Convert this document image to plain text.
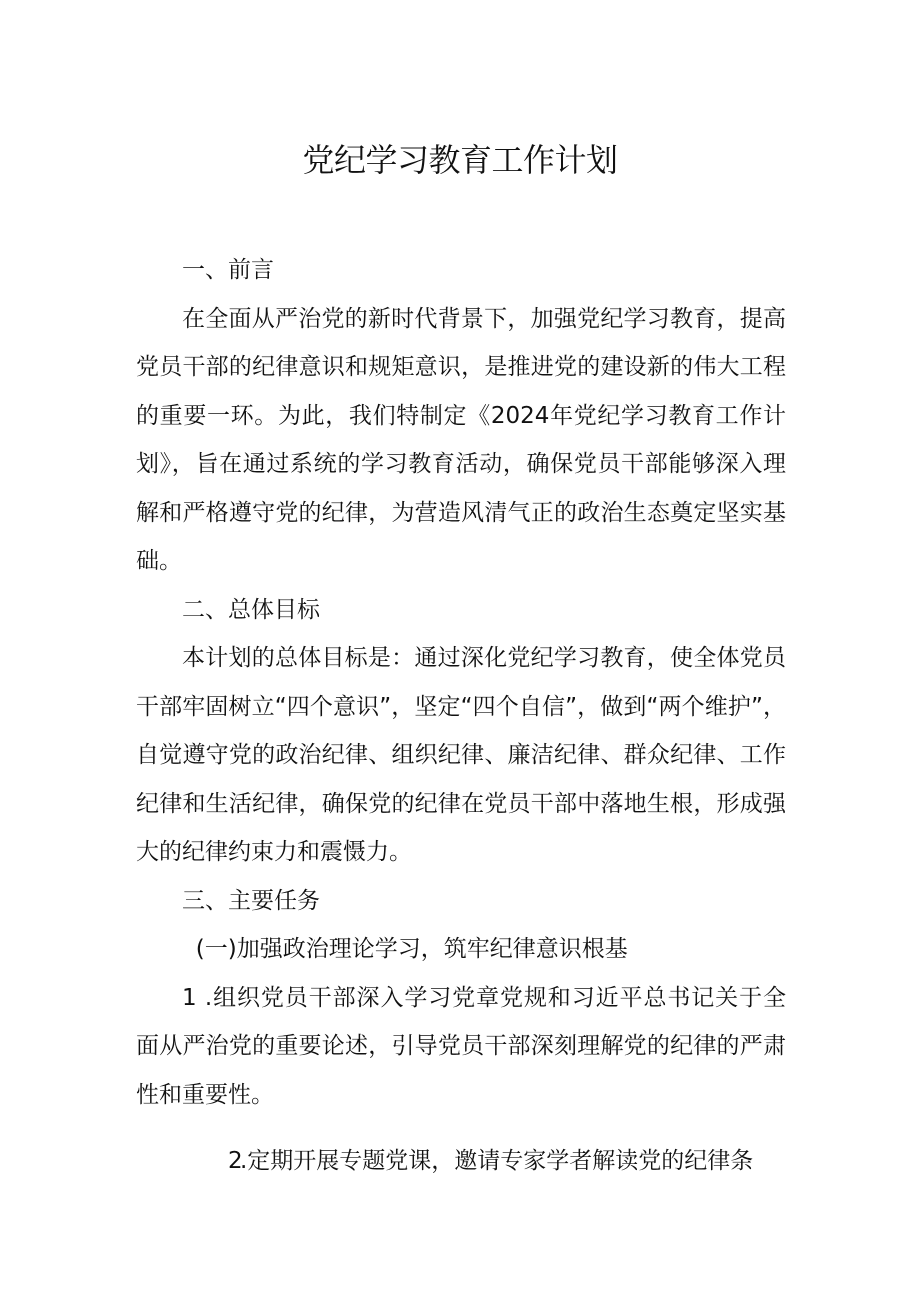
党纪学习教育工作计划

一、前言

在全面从严治党的新时代背景下，加强党纪学习教育，提高党员干部的纪律意识和规矩意识，是推进党的建设新的伟大工程的重要一环。为此，我们特制定《2024年党纪学习教育工作计划》，旨在通过系统的学习教育活动，确保党员干部能够深入理解和严格遵守党的纪律，为营造风清气正的政治生态奠定坚实基础。

二、总体目标

本计划的总体目标是：通过深化党纪学习教育，使全体党员干部牢固树立“四个意识”，坚定“四个自信”，做到“两个维护”，自觉遵守党的政治纪律、组织纪律、廉洁纪律、群众纪律、工作纪律和生活纪律，确保党的纪律在党员干部中落地生根，形成强大的纪律约束力和震慑力。

三、主要任务

(一)加强政治理论学习，筑牢纪律意识根基

1 .组织党员干部深入学习党章党规和习近平总书记关于全面从严治党的重要论述，引导党员干部深刻理解党的纪律的严肃性和重要性。

2.定期开展专题党课，邀请专家学者解读党的纪律条
